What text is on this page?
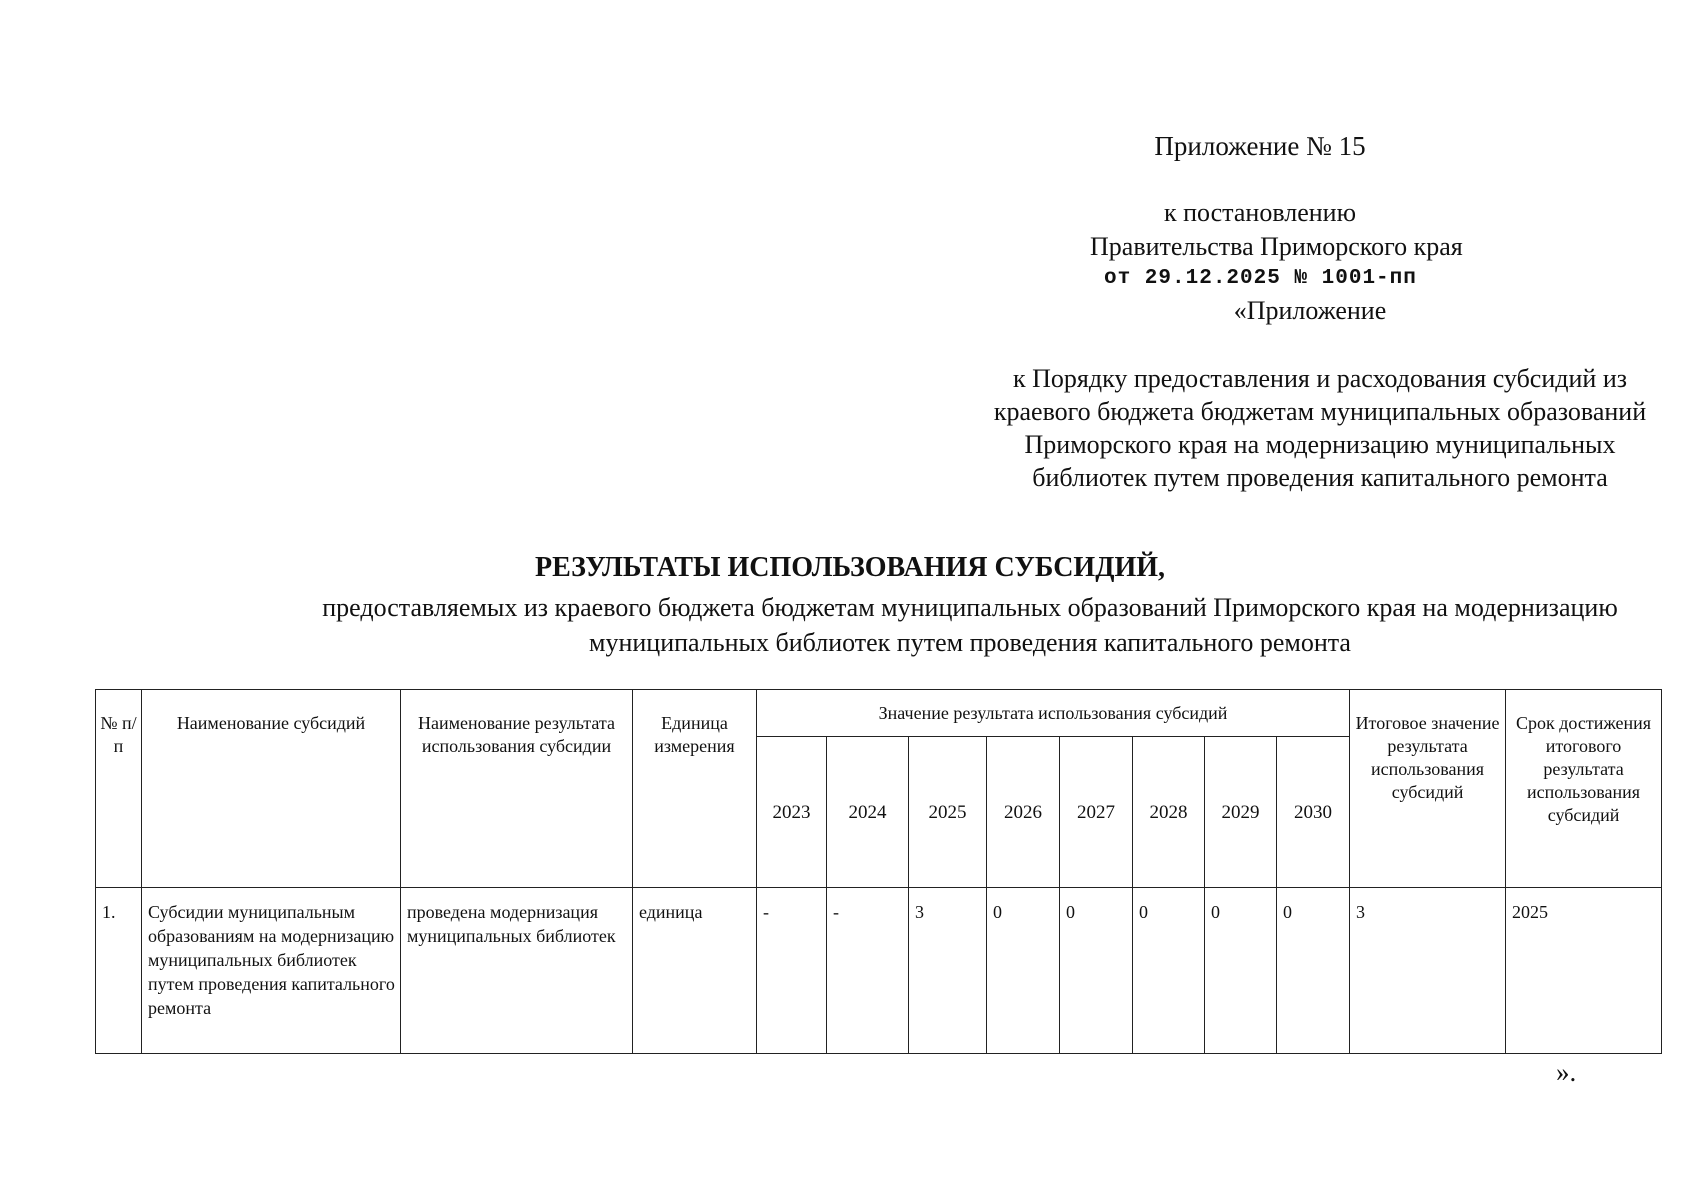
Приложение № 15
к постановлению
Правительства Приморского края
от 29.12.2025 № 1001-пп
«Приложение
к Порядку предоставления и расходования субсидий из краевого бюджета бюджетам муниципальных образований Приморского края на модернизацию муниципальных библиотек путем проведения капитального ремонта
РЕЗУЛЬТАТЫ ИСПОЛЬЗОВАНИЯ СУБСИДИЙ,
предоставляемых из краевого бюджета бюджетам муниципальных образований Приморского края на модернизацию муниципальных библиотек путем проведения капитального ремонта
№ п/п	Наименование субсидий	Наименование результата использования субсидии	Единица измерения	Значение результата использования субсидий								Итоговое значение результата использования субсидий	Срок достижения итогового результата использования субсидий
				2023	2024	2025	2026	2027	2028	2029	2030		
1.	Субсидии муниципальным образованиям на модернизацию муниципальных библиотек путем проведения капитального ремонта	проведена модернизация муниципальных библиотек	единица	-	-	3	0	0	0	0	0	3	2025
».
